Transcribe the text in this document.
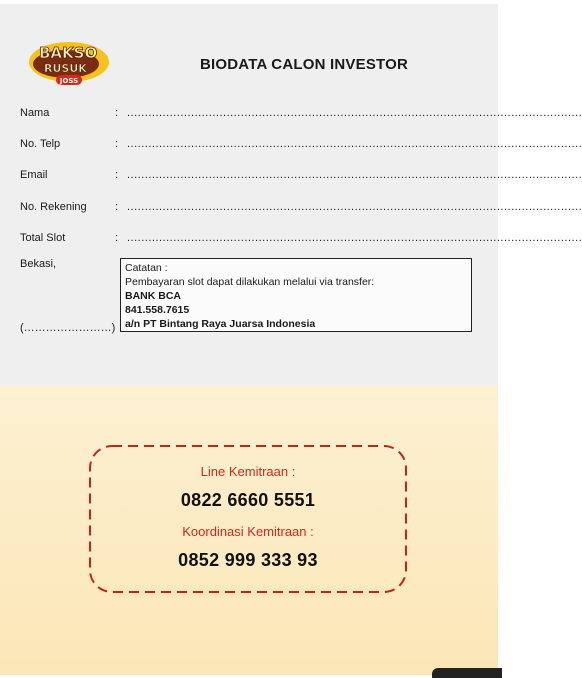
BAKSO
RUSUK
JOSS
BIODATA CALON INVESTOR
Nama	: ................................................................................................................................
No. Telp	: ................................................................................................................................
Email	: ................................................................................................................................
No. Rekening	: ................................................................................................................................
Total Slot	: ................................................................................................................................
Bekasi,
(……………………)
Catatan :
Pembayaran slot dapat dilakukan melalui via transfer:
BANK BCA
841.558.7615
a/n PT Bintang Raya Juarsa Indonesia
Line Kemitraan :
0822 6660 5551
Koordinasi Kemitraan :
0852 999 333 93
